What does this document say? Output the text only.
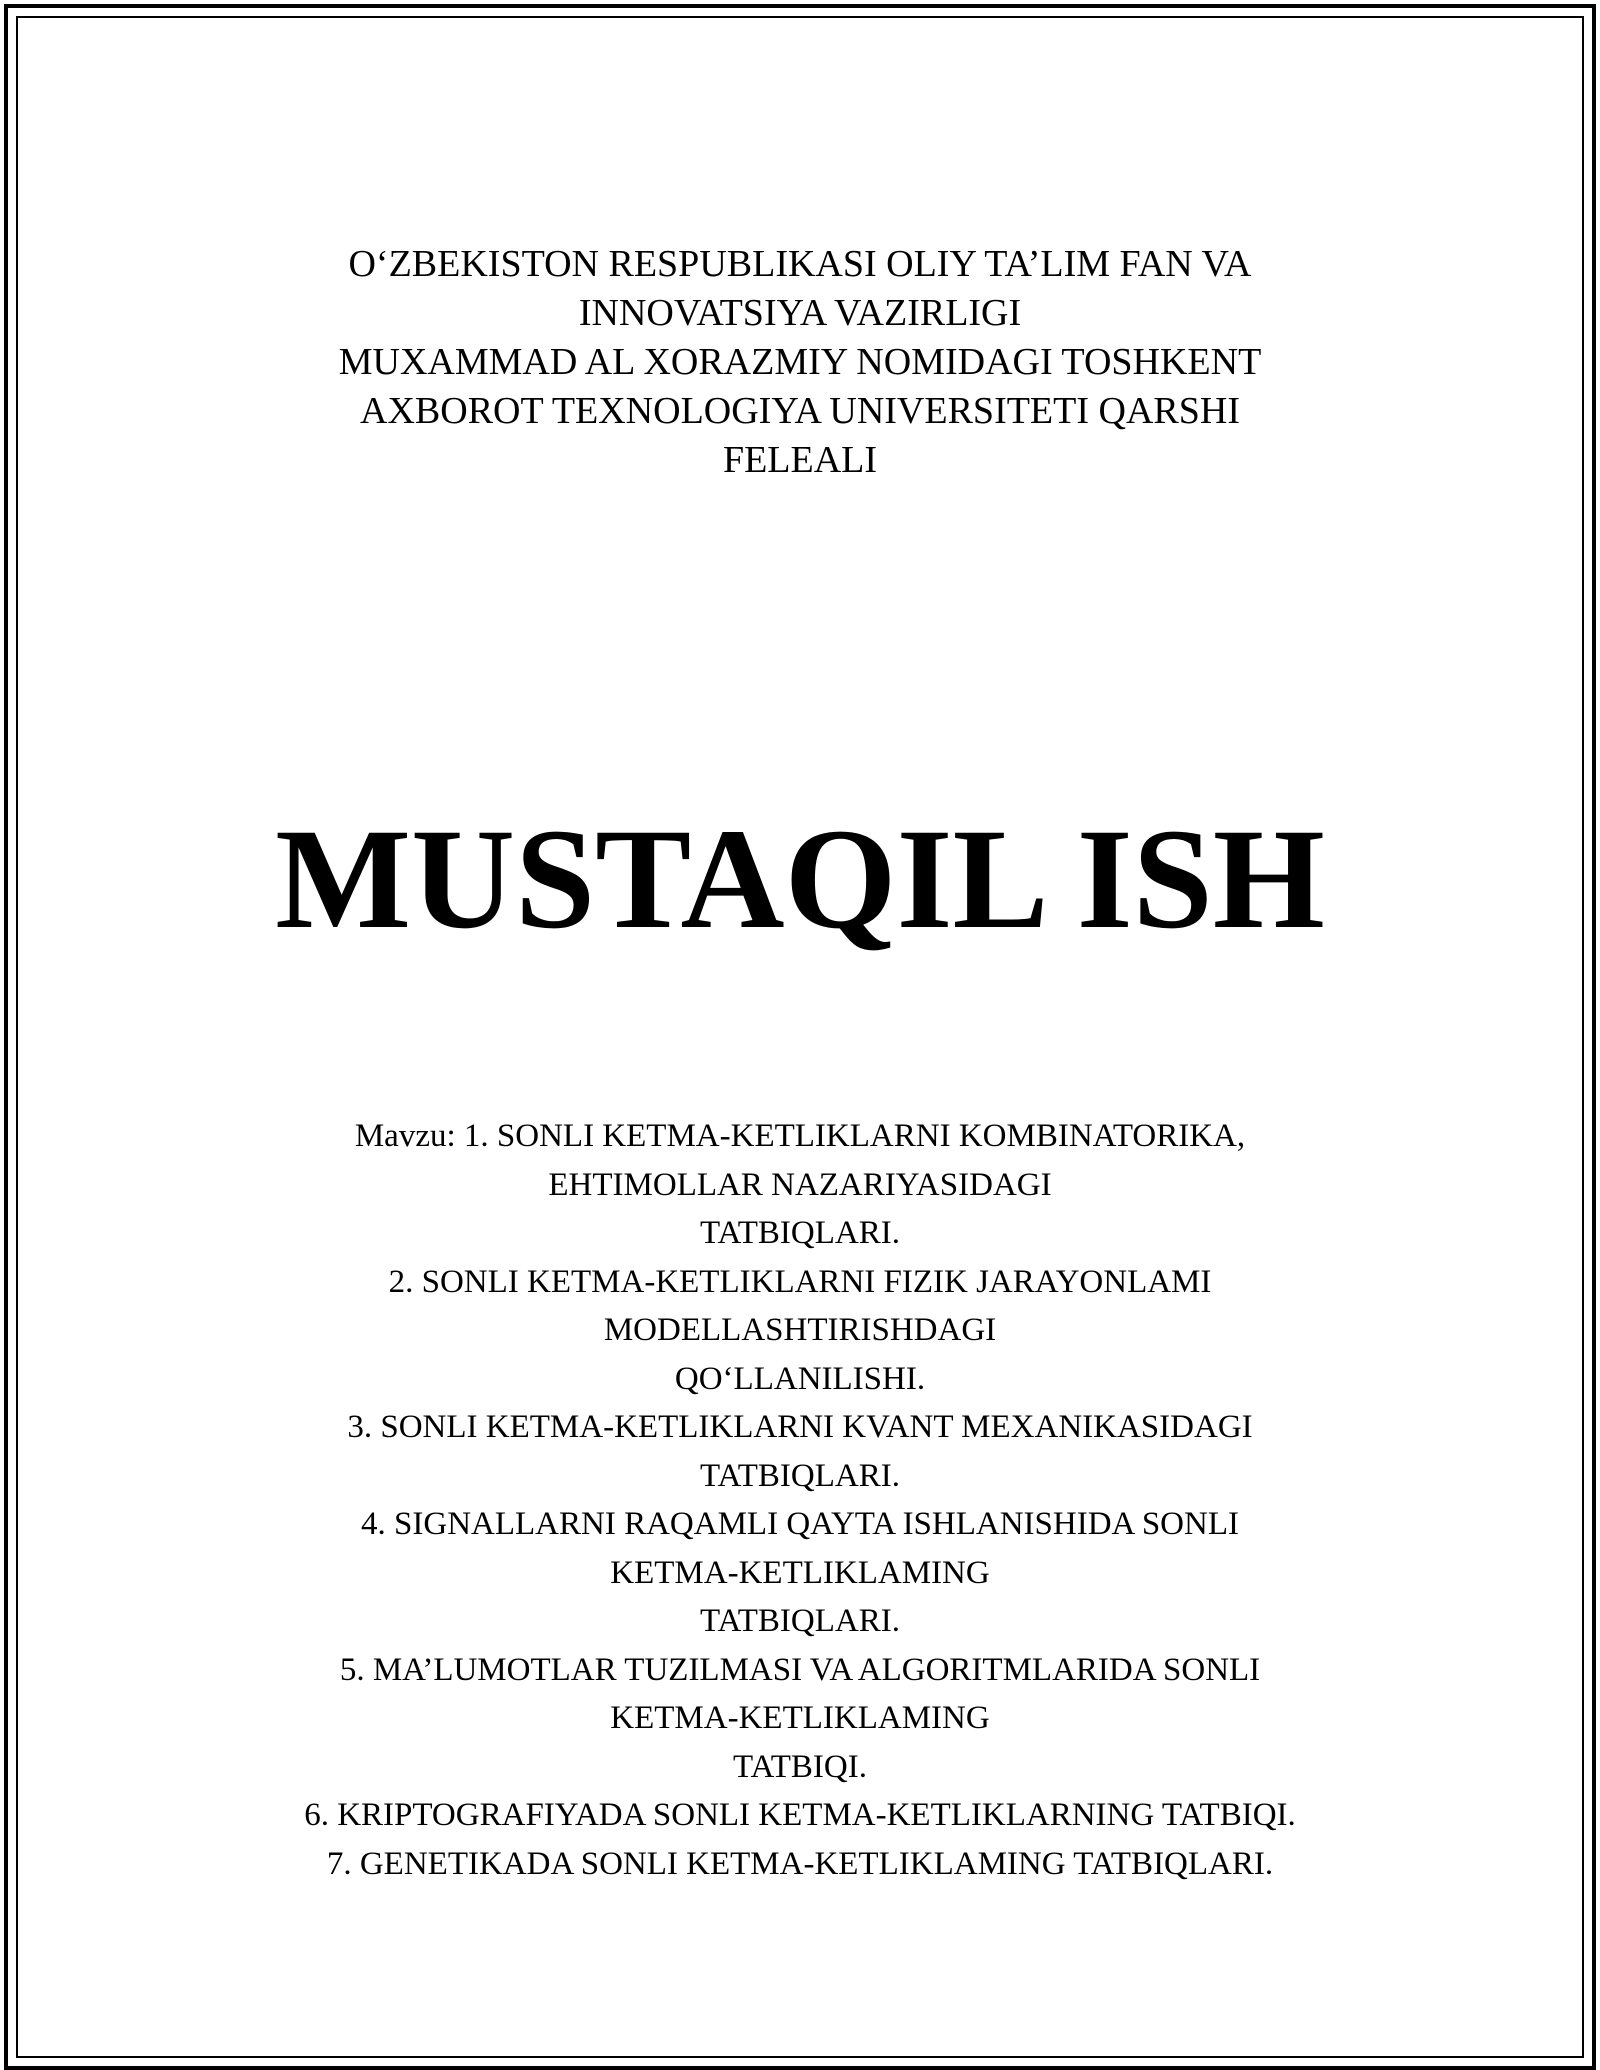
O‘ZBEKISTON RESPUBLIKASI OLIY TA’LIM FAN VA
INNOVATSIYA VAZIRLIGI
MUXAMMAD AL XORAZMIY NOMIDAGI TOSHKENT
AXBOROT TEXNOLOGIYA UNIVERSITETI QARSHI
FELEALI
MUSTAQIL ISH
Mavzu: 1. SONLI KETMA-KETLIKLARNI KOMBINATORIKA,
EHTIMOLLAR NAZARIYASIDAGI
TATBIQLARI.
2. SONLI KETMA-KETLIKLARNI FIZIK JARAYONLAMI
MODELLASHTIRISHDAGI
QO‘LLANILISHI.
3. SONLI KETMA-KETLIKLARNI KVANT MEXANIKASIDAGI
TATBIQLARI.
4. SIGNALLARNI RAQAMLI QAYTA ISHLANISHIDA SONLI
KETMA-KETLIKLAMING
TATBIQLARI.
5. MA’LUMOTLAR TUZILMASI VA ALGORITMLARIDA SONLI
KETMA-KETLIKLAMING
TATBIQI.
6. KRIPTOGRAFIYADA SONLI KETMA-KETLIKLARNING TATBIQI.
7. GENETIKADA SONLI KETMA-KETLIKLAMING TATBIQLARI.
